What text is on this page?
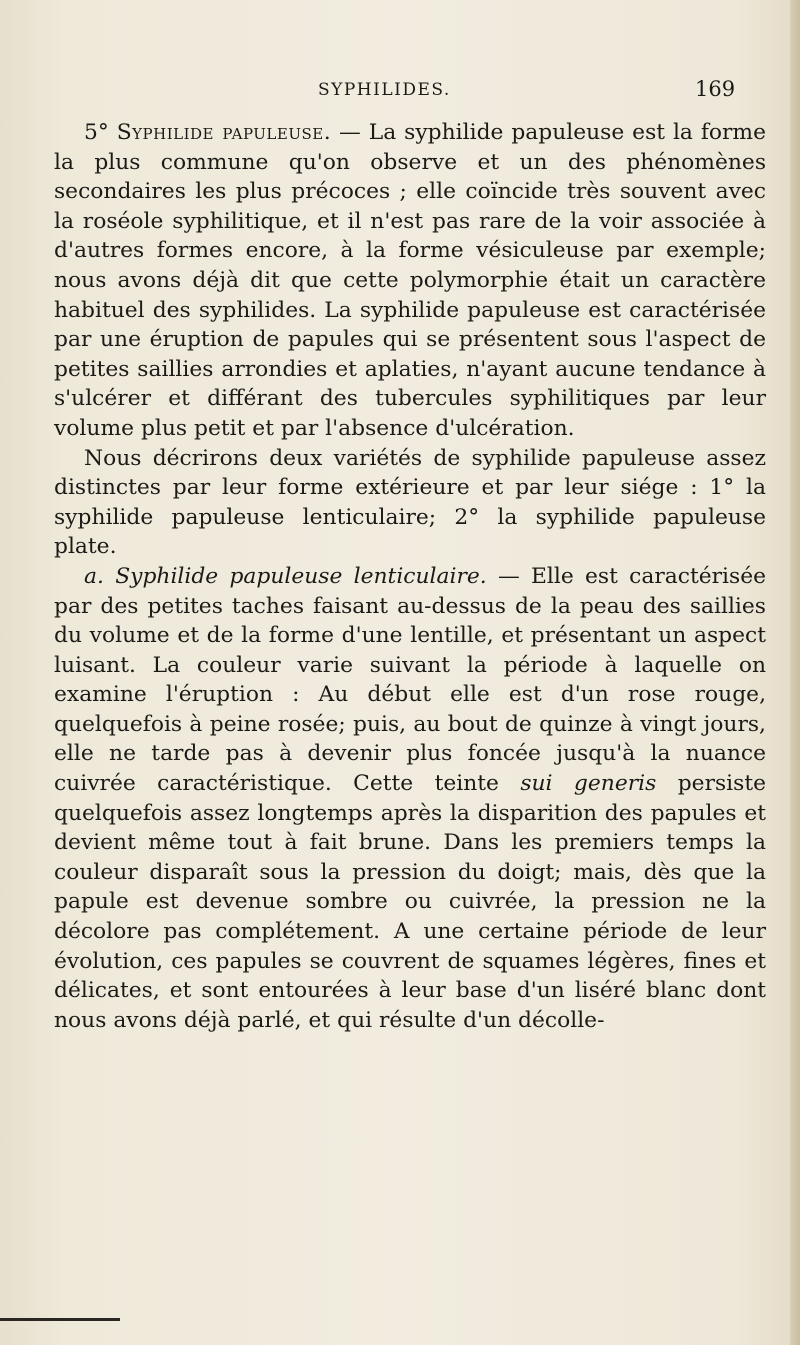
SYPHILIDES.	169

5° Syphilide papuleuse. — La syphilide papuleuse est la forme la plus commune qu'on observe et un des phénomènes secondaires les plus précoces ; elle coïncide très souvent avec la roséole syphilitique, et il n'est pas rare de la voir associée à d'autres formes encore, à la forme vésiculeuse par exemple; nous avons déjà dit que cette polymorphie était un caractère habituel des syphilides. La syphilide papuleuse est caractérisée par une éruption de papules qui se présentent sous l'aspect de petites saillies arrondies et aplaties, n'ayant aucune tendance à s'ulcérer et différant des tubercules syphilitiques par leur volume plus petit et par l'absence d'ulcération.

Nous décrirons deux variétés de syphilide papuleuse assez distinctes par leur forme extérieure et par leur siége : 1° la syphilide papuleuse lenticulaire; 2° la syphilide papuleuse plate.

a. Syphilide papuleuse lenticulaire. — Elle est caractérisée par des petites taches faisant au-dessus de la peau des saillies du volume et de la forme d'une lentille, et présentant un aspect luisant. La couleur varie suivant la période à laquelle on examine l'éruption : Au début elle est d'un rose rouge, quelquefois à peine rosée; puis, au bout de quinze à vingt jours, elle ne tarde pas à devenir plus foncée jusqu'à la nuance cuivrée caractéristique. Cette teinte sui generis persiste quelquefois assez longtemps après la disparition des papules et devient même tout à fait brune. Dans les premiers temps la couleur disparaît sous la pression du doigt; mais, dès que la papule est devenue sombre ou cuivrée, la pression ne la décolore pas complétement. A une certaine période de leur évolution, ces papules se couvrent de squames légères, fines et délicates, et sont entourées à leur base d'un liséré blanc dont nous avons déjà parlé, et qui résulte d'un décolle-
